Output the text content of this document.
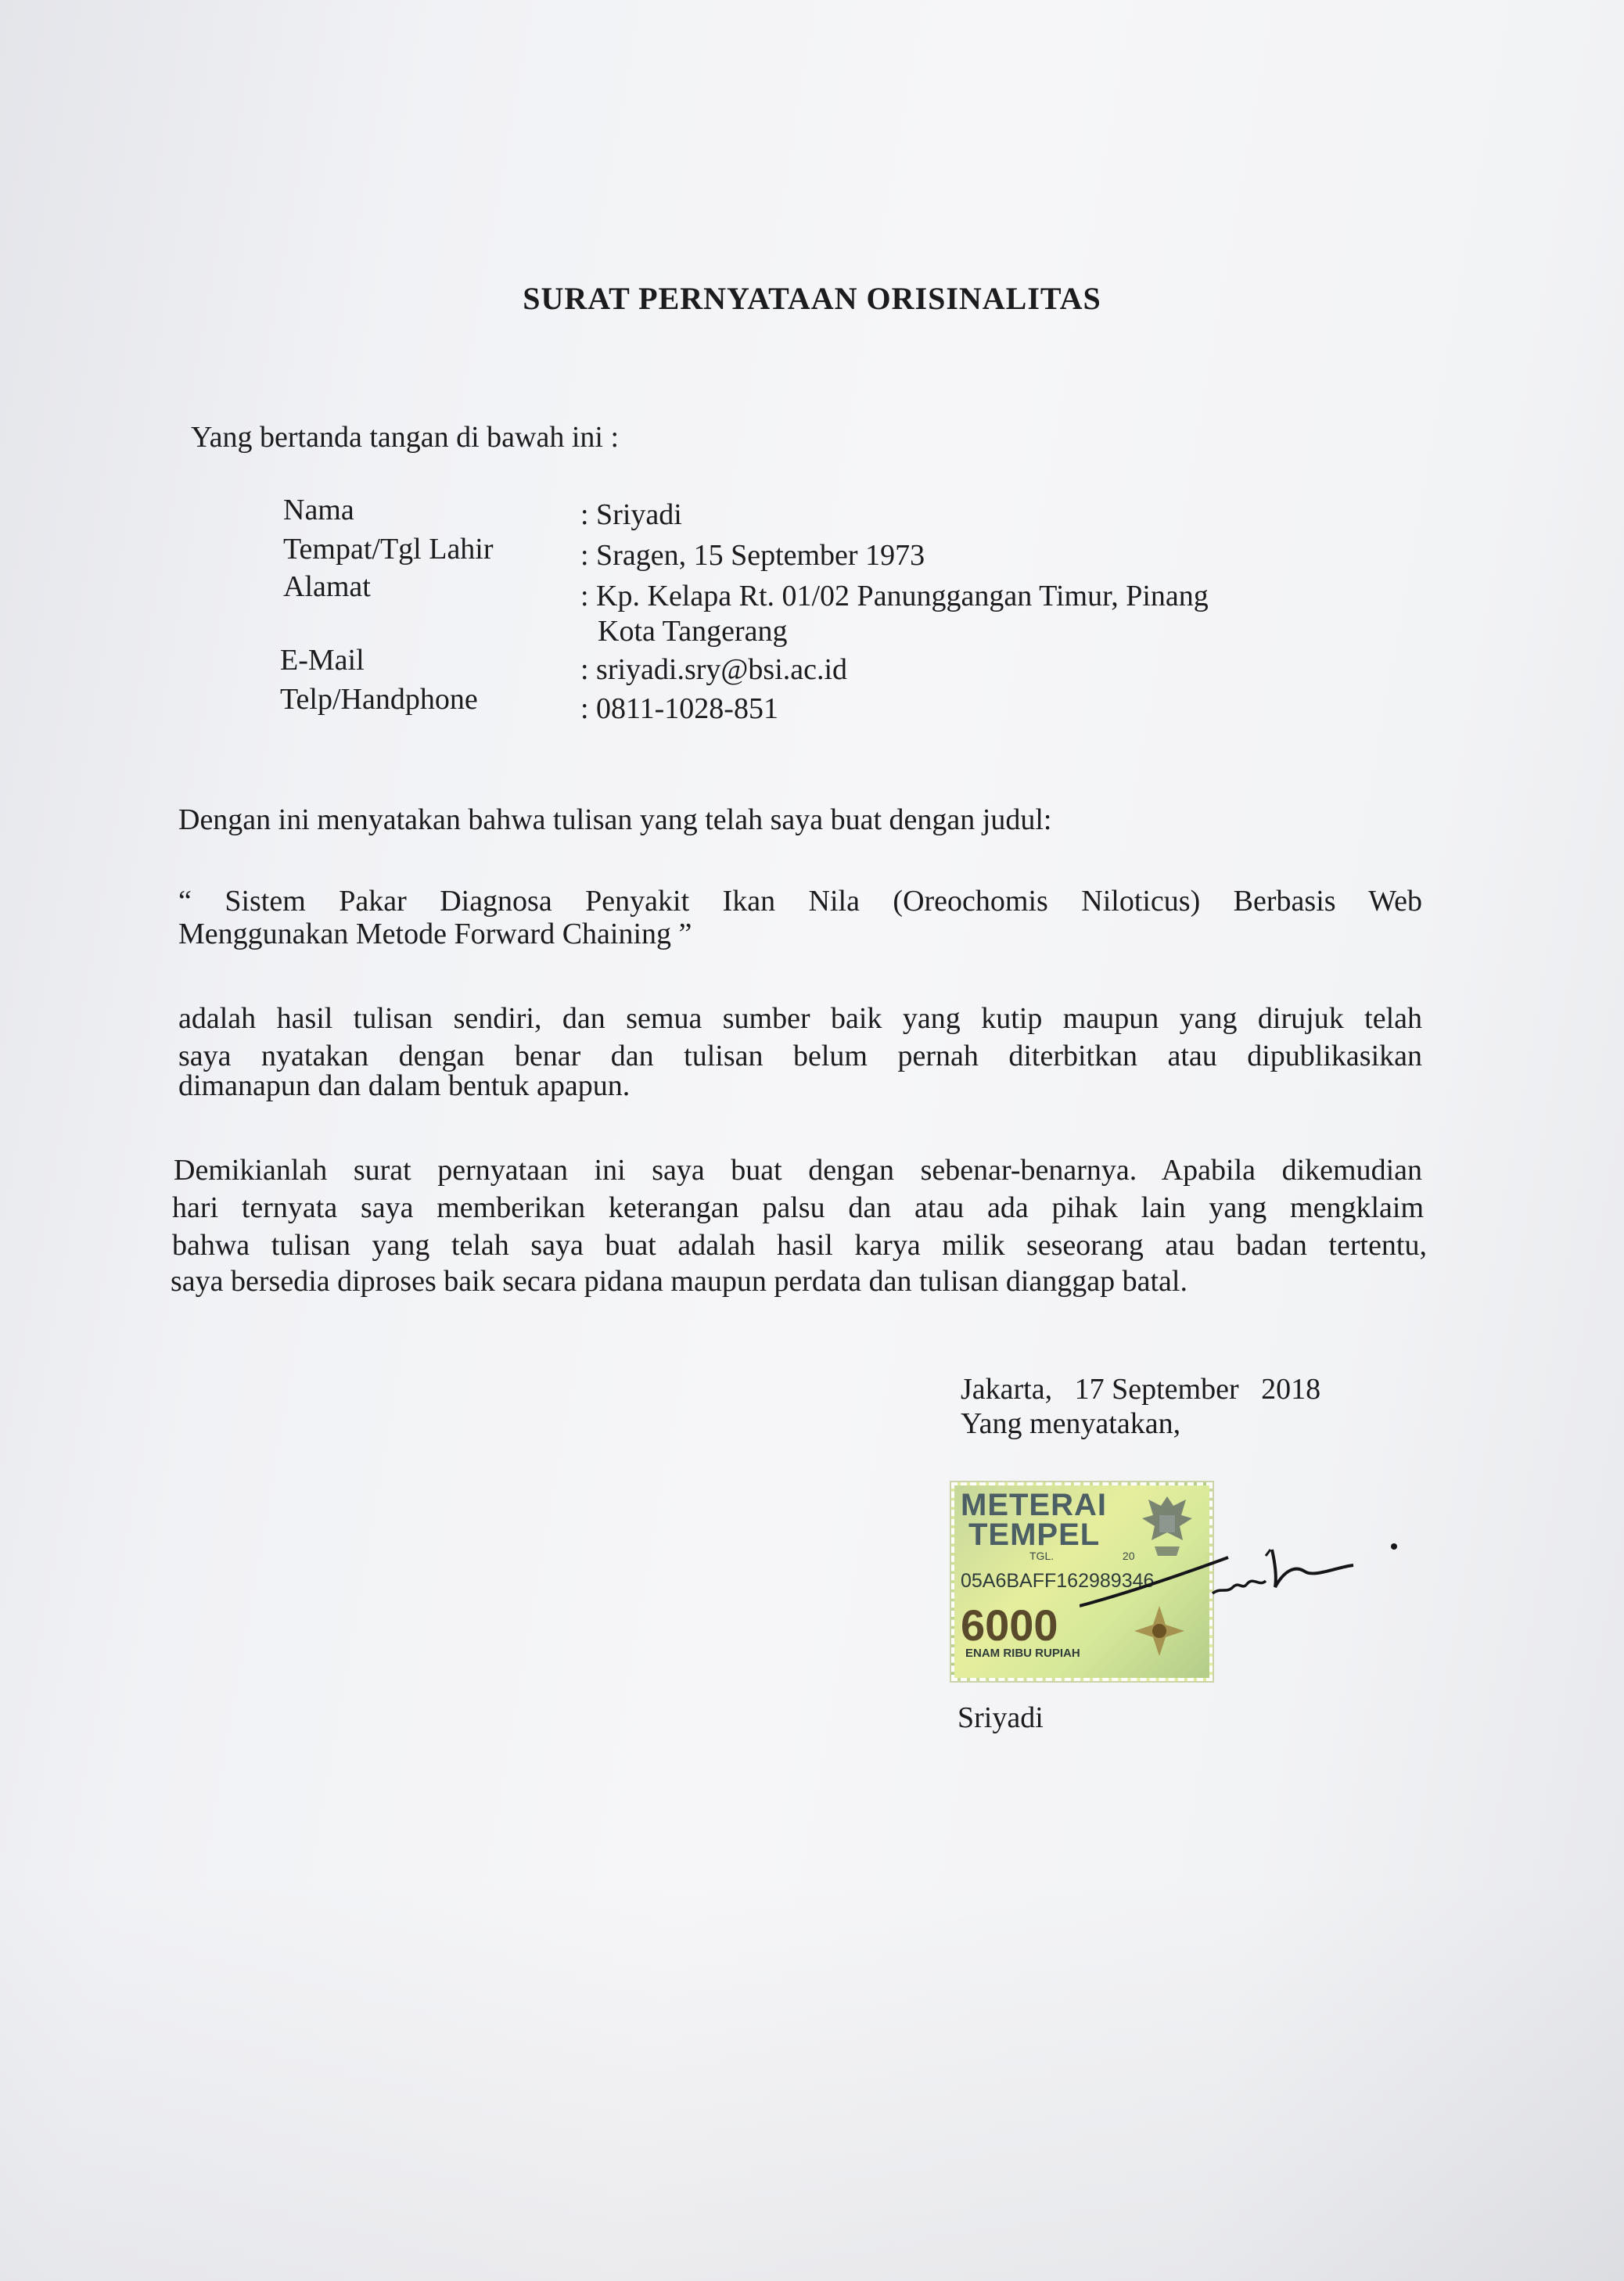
SURAT PERNYATAAN ORISINALITAS
Yang bertanda tangan di bawah ini :
Nama	: Sriyadi
Tempat/Tgl Lahir	: Sragen, 15 September 1973
Alamat	: Kp. Kelapa Rt. 01/02 Panunggangan Timur, Pinang
Kota Tangerang
E-Mail	: sriyadi.sry@bsi.ac.id
Telp/Handphone	: 0811-1028-851
Dengan ini menyatakan bahwa tulisan yang telah saya buat dengan judul:
“ Sistem Pakar Diagnosa Penyakit Ikan Nila (Oreochomis Niloticus) Berbasis Web
Menggunakan Metode Forward Chaining ”
adalah hasil tulisan sendiri, dan semua sumber baik yang kutip maupun yang dirujuk telah
saya nyatakan dengan benar dan tulisan belum pernah diterbitkan atau dipublikasikan
dimanapun dan dalam bentuk apapun.
Demikianlah surat pernyataan ini saya buat dengan sebenar-benarnya. Apabila dikemudian
hari ternyata saya memberikan keterangan palsu dan atau ada pihak lain yang mengklaim
bahwa tulisan yang telah saya buat adalah hasil karya milik seseorang atau badan tertentu,
saya bersedia diproses baik secara pidana maupun perdata dan tulisan dianggap batal.
Jakarta,   17 September   2018
Yang menyatakan,
METERAI
TEMPEL
TGL.	20
05A6BAFF162989346
6000
ENAM RIBU RUPIAH
Sriyadi
